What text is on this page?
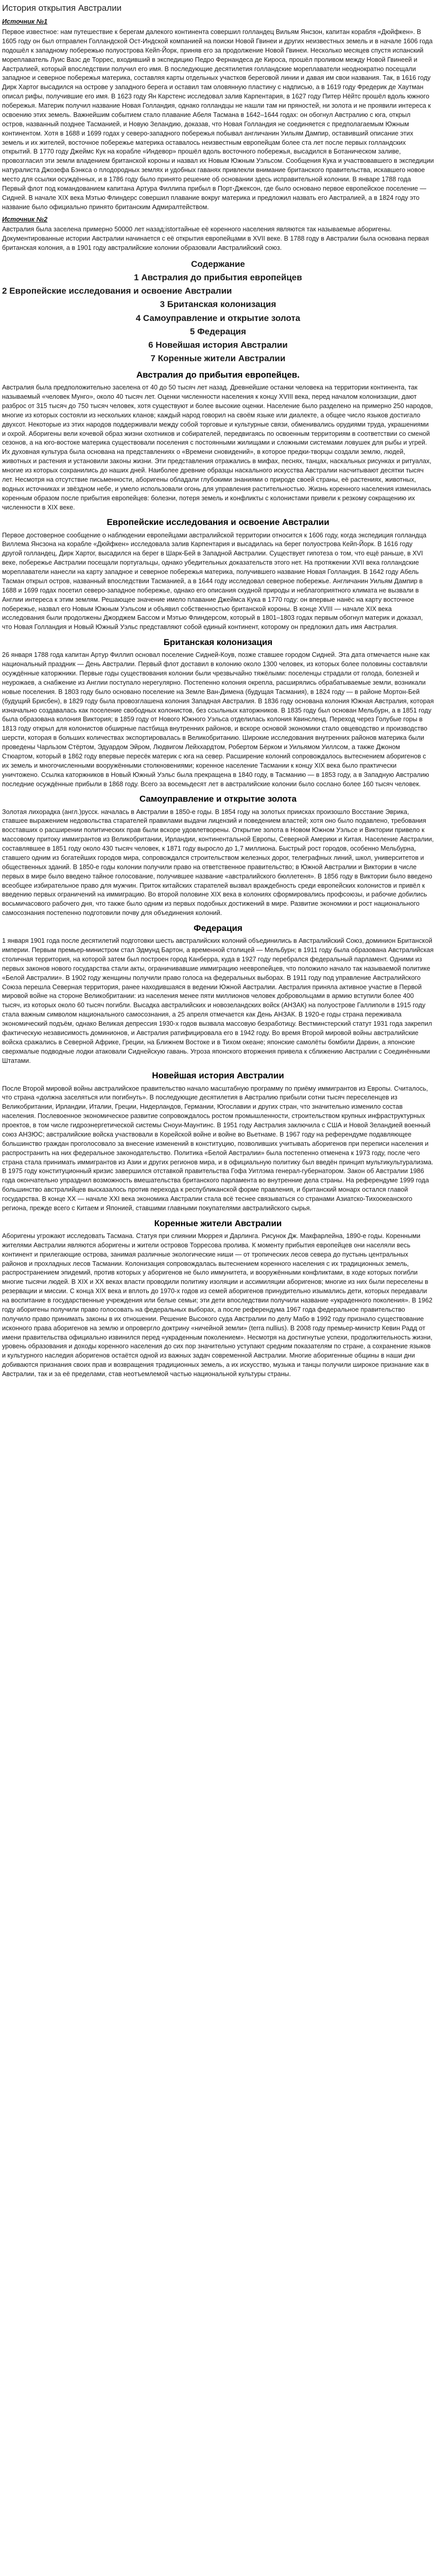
История открытия Австралии
Источник №1

Первое известное: нам путешествие к берегам далекого континента совершил голландец Вильям Янсзон, капитан корабля «Дюйфкен». В 1605 году он был отправлен Голландской Ост-Индской компанией на поиски Новой Гвинеи и других неизвестных земель и в начале 1606 года подошёл к западному побережью полуострова Кейп-Йорк, приняв его за продолжение Новой Гвинеи. Несколько месяцев спустя испанский мореплаватель Луис Ваэс де Торрес, входивший в экспедицию Педро Фернандеса де Кироса, прошёл проливом между Новой Гвинеей и Австралией, который впоследствии получил его имя. В последующие десятилетия голландские мореплаватели неоднократно посещали западное и северное побережья материка, составляя карты отдельных участков береговой линии и давая им свои названия. Так, в 1616 году Дирк Хартог высадился на острове у западного берега и оставил там оловянную пластину с надписью, а в 1619 году Фредерик де Хаутман описал рифы, получившие его имя. В 1623 году Ян Карстенс исследовал залив Карпентария, в 1627 году Питер Нёйтс прошёл вдоль южного побережья. Материк получил название Новая Голландия, однако голландцы не нашли там ни пряностей, ни золота и не проявили интереса к освоению этих земель. Важнейшим событием стало плавание Абеля Тасмана в 1642–1644 годах: он обогнул Австралию с юга, открыл остров, названный позднее Тасманией, и Новую Зеландию, доказав, что Новая Голландия не соединяется с предполагаемым Южным континентом. Хотя в 1688 и 1699 годах у северо-западного побережья побывал англичанин Уильям Дампир, оставивший описание этих земель и их жителей, восточное побережье материка оставалось неизвестным европейцам более ста лет после первых голландских открытий. В 1770 году Джеймс Кук на корабле «Индевор» прошёл вдоль восточного побережья, высадился в Ботаническом заливе, провозгласил эти земли владением британской короны и назвал их Новым Южным Уэльсом. Сообщения Кука и участвовавшего в экспедиции натуралиста Джозефа Бэнкса о плодородных землях и удобных гаванях привлекли внимание британского правительства, искавшего новое место для ссылки осуждённых, и в 1786 году было принято решение об основании здесь исправительной колонии. В январе 1788 года Первый флот под командованием капитана Артура Филлипа прибыл в Порт-Джексон, где было основано первое европейское поселение — Сидней. В начале XIX века Мэтью Флиндерс совершил плавание вокруг материка и предложил назвать его Австралией, а в 1824 году это название было официально принято британским Адмиралтейством.

Источник №2

Австралия была заселена примерно 50000 лет назад;istorтайные её коренного населения являются так называемые аборигены. Документированные истории Австралии начинается с её открытия европейцами в XVII веке. В 1788 году в Австралии была основана первая британская колония, а в 1901 году австралийские колонии образовали Австралийский союз.

Содержание
1 Австралия до прибытия европейцев
2 Европейские исследования и освоение Австралии
3 Британская колонизация
4 Самоуправление и открытие золота
5 Федерация
6 Новейшая история Австралии
7 Коренные жители Австралии
Австралия до прибытия европейцев.

Австралия была предположительно заселена от 40 до 50 тысяч лет назад. Древнейшие останки человека на территории континента, так называемый «человек Мунго», около 40 тысяч лет. Оценки численности населения к концу XVIII века, перед началом колонизации, дают разброс от 315 тысяч до 750 тысяч человек, хотя существуют и более высокие оценки. Население было разделено на примерно 250 народов, многие из которых состояли из нескольких кланов; каждый народ говорил на своём языке или диалекте, а общее число языков достигало двухсот. Некоторые из этих народов поддерживали между собой торговые и культурные связи, обменивались орудиями труда, украшениями и охрой. Аборигены вели кочевой образ жизни охотников и собирателей, передвигаясь по освоенным территориям в соответствии со сменой сезонов, а на юго-востоке материка существовали поселения с постоянными жилищами и сложными системами ловушек для рыбы и угрей. Их духовная культура была основана на представлениях о «Времени сновидений», в которое предки-творцы создали землю, людей, животных и растения и установили законы жизни. Эти представления отражались в мифах, песнях, танцах, наскальных рисунках и ритуалах, многие из которых сохранились до наших дней. Наиболее древние образцы наскального искусства Австралии насчитывают десятки тысяч лет. Несмотря на отсутствие письменности, аборигены обладали глубокими знаниями о природе своей страны, её растениях, животных, водных источниках и звёздном небе, и умело использовали огонь для управления растительностью. Жизнь коренного населения изменилась коренным образом после прибытия европейцев: болезни, потеря земель и конфликты с колонистами привели к резкому сокращению их численности в XIX веке.

Европейские исследования и освоение Австралии

Первое достоверное сообщение о наблюдении европейцами австралийской территории относится к 1606 году, когда экспедиция голландца Виллема Янсзона на корабле «Дюйфкен» исследовала залив Карпентария и высадилась на берег полуострова Кейп-Йорк. В 1616 году другой голландец, Дирк Хартог, высадился на берег в Шарк-Бей в Западной Австралии. Существует гипотеза о том, что ещё раньше, в XVI веке, побережье Австралии посещали португальцы, однако убедительных доказательств этого нет. На протяжении XVII века голландские мореплаватели нанесли на карту западное и северное побережья материка, получившего название Новая Голландия. В 1642 году Абель Тасман открыл остров, названный впоследствии Тасманией, а в 1644 году исследовал северное побережье. Англичанин Уильям Дампир в 1688 и 1699 годах посетил северо-западное побережье, однако его описания скудной природы и неблагоприятного климата не вызвали в Англии интереса к этим землям. Решающее значение имело плавание Джеймса Кука в 1770 году: он впервые нанёс на карту восточное побережье, назвал его Новым Южным Уэльсом и объявил собственностью британской короны. В конце XVIII — начале XIX века исследования были продолжены Джорджем Бассом и Мэтью Флиндерсом, который в 1801–1803 годах первым обогнул материк и доказал, что Новая Голландия и Новый Южный Уэльс представляют собой единый континент, которому он предложил дать имя Австралия.

Британская колонизация

26 января 1788 года капитан Артур Филлип основал поселение Сидней-Коув, позже ставшее городом Сидней. Эта дата отмечается ныне как национальный праздник — День Австралии. Первый флот доставил в колонию около 1300 человек, из которых более половины составляли осуждённые каторжники. Первые годы существования колонии были чрезвычайно тяжёлыми: поселенцы страдали от голода, болезней и неурожаев, а снабжение из Англии поступало нерегулярно. Постепенно колония окрепла, расширялись обрабатываемые земли, возникали новые поселения. В 1803 году было основано поселение на Земле Ван-Димена (будущая Тасмания), в 1824 году — в районе Мортон-Бей (будущий Брисбен), в 1829 году была провозглашена колония Западная Австралия. В 1836 году основана колония Южная Австралия, которая изначально создавалась как поселение свободных колонистов, без ссыльных каторжников. В 1835 году был основан Мельбурн, а в 1851 году была образована колония Виктория; в 1859 году от Нового Южного Уэльса отделилась колония Квинсленд. Переход через Голубые горы в 1813 году открыл для колонистов обширные пастбища внутренних районов, и вскоре основой экономики стало овцеводство и производство шерсти, которая в больших количествах экспортировалась в Великобританию. Широкие исследования внутренних районов материка были проведены Чарльзом Стёртом, Эдуардом Эйром, Людвигом Лейххардтом, Робертом Бёрком и Уильямом Уиллсом, а также Джоном Стюартом, который в 1862 году впервые пересёк материк с юга на север. Расширение колоний сопровождалось вытеснением аборигенов с их земель и многочисленными вооружёнными столкновениями; коренное население Тасмании к концу XIX века было практически уничтожено. Ссылка каторжников в Новый Южный Уэльс была прекращена в 1840 году, в Тасманию — в 1853 году, а в Западную Австралию последние осуждённые прибыли в 1868 году. Всего за восемьдесят лет в австралийские колонии было сослано более 160 тысяч человек.

Самоуправление и открытие золота

Золотая лихорадка (англ.)русск. началась в Австралии в 1850-е годы. В 1854 году на золотых приисках произошло Восстание Эврика, ставшее выражением недовольства старателей правилами выдачи лицензий и поведением властей; хотя оно было подавлено, требования восставших о расширении политических прав были вскоре удовлетворены. Открытие золота в Новом Южном Уэльсе и Виктории привело к массовому притоку иммигрантов из Великобритании, Ирландии, континентальной Европы, Северной Америки и Китая. Население Австралии, составлявшее в 1851 году около 430 тысяч человек, к 1871 году выросло до 1,7 миллиона. Быстрый рост городов, особенно Мельбурна, ставшего одним из богатейших городов мира, сопровождался строительством железных дорог, телеграфных линий, школ, университетов и общественных зданий. В 1850-е годы колонии получили право на ответственное правительство; в Южной Австралии и Виктории в числе первых в мире было введено тайное голосование, получившее название «австралийского бюллетеня». В 1856 году в Виктории было введено всеобщее избирательное право для мужчин. Приток китайских старателей вызвал враждебность среди европейских колонистов и привёл к введению первых ограничений на иммиграцию. Во второй половине XIX века в колониях сформировались профсоюзы, и рабочие добились восьмичасового рабочего дня, что также было одним из первых подобных достижений в мире. Развитие экономики и рост национального самосознания постепенно подготовили почву для объединения колоний.

Федерация

1 января 1901 года после десятилетий подготовки шесть австралийских колоний объединились в Австралийский Союз, доминион Британской империи. Первым премьер-министром стал Эдмунд Бартон, а временной столицей — Мельбурн; в 1911 году была образована Австралийская столичная территория, на которой затем был построен город Канберра, куда в 1927 году перебрался федеральный парламент. Одними из первых законов нового государства стали акты, ограничивавшие иммиграцию неевропейцев, что положило начало так называемой политике «Белой Австралии». В 1902 году женщины получили право голоса на федеральных выборах. В 1911 году под управление Австралийского Союза перешла Северная территория, ранее находившаяся в ведении Южной Австралии. Австралия приняла активное участие в Первой мировой войне на стороне Великобритании: из населения менее пяти миллионов человек добровольцами в армию вступили более 400 тысяч, из которых около 60 тысяч погибли. Высадка австралийских и новозеландских войск (АНЗАК) на полуострове Галлиполи в 1915 году стала важным символом национального самосознания, а 25 апреля отмечается как День АНЗАК. В 1920-е годы страна переживала экономический подъём, однако Великая депрессия 1930-х годов вызвала массовую безработицу. Вестминстерский статут 1931 года закрепил фактическую независимость доминионов, и Австралия ратифицировала его в 1942 году. Во время Второй мировой войны австралийские войска сражались в Северной Африке, Греции, на Ближнем Востоке и в Тихом океане; японские самолёты бомбили Дарвин, а японские сверхмалые подводные лодки атаковали Сиднейскую гавань. Угроза японского вторжения привела к сближению Австралии с Соединёнными Штатами.

Новейшая история Австралии

После Второй мировой войны австралийское правительство начало масштабную программу по приёму иммигрантов из Европы. Считалось, что страна «должна заселяться или погибнуть». В последующие десятилетия в Австралию прибыли сотни тысяч переселенцев из Великобритании, Ирландии, Италии, Греции, Нидерландов, Германии, Югославии и других стран, что значительно изменило состав населения. Послевоенное экономическое развитие сопровождалось ростом промышленности, строительством крупных инфраструктурных проектов, в том числе гидроэнергетической системы Сноуи-Маунтинс. В 1951 году Австралия заключила с США и Новой Зеландией военный союз АНЗЮС; австралийские войска участвовали в Корейской войне и войне во Вьетнаме. В 1967 году на референдуме подавляющее большинство граждан проголосовало за внесение изменений в конституцию, позволивших учитывать аборигенов при переписи населения и распространить на них федеральное законодательство. Политика «Белой Австралии» была постепенно отменена к 1973 году, после чего страна стала принимать иммигрантов из Азии и других регионов мира, и в официальную политику был введён принцип мультикультурализма. В 1975 году конституционный кризис завершился отставкой правительства Гофа Уитлэма генерал-губернатором. Закон об Австралии 1986 года окончательно упразднил возможность вмешательства британского парламента во внутренние дела страны. На референдуме 1999 года большинство австралийцев высказалось против перехода к республиканской форме правления, и британский монарх остался главой государства. В конце XX — начале XXI века экономика Австралии стала всё теснее связываться со странами Азиатско-Тихоокеанского региона, прежде всего с Китаем и Японией, ставшими главными покупателями австралийского сырья.

Коренные жители Австралии

Аборигены угрожают исследовать Тасмана. Статуя при слиянии Мюррея и Дарлинга. Рисунок Дж. Макфарлейна, 1890-е годы. Коренными жителями Австралии являются аборигены и жители островов Торресова пролива. К моменту прибытия европейцев они населяли весь континент и прилегающие острова, занимая различные экологические ниши — от тропических лесов севера до пустынь центральных районов и прохладных лесов Тасмании. Колонизация сопровождалась вытеснением коренного населения с их традиционных земель, распространением эпидемий, против которых у аборигенов не было иммунитета, и вооружёнными конфликтами, в ходе которых погибли многие тысячи людей. В XIX и XX веках власти проводили политику изоляции и ассимиляции аборигенов; многие из них были переселены в резервации и миссии. С конца XIX века и вплоть до 1970-х годов из семей аборигенов принудительно изымались дети, которых передавали на воспитание в государственные учреждения или белые семьи; эти дети впоследствии получили название «украденного поколения». В 1962 году аборигены получили право голосовать на федеральных выборах, а после референдума 1967 года федеральное правительство получило право принимать законы в их отношении. Решение Высокого суда Австралии по делу Мабо в 1992 году признало существование исконного права аборигенов на землю и опровергло доктрину «ничейной земли» (terra nullius). В 2008 году премьер-министр Кевин Радд от имени правительства официально извинился перед «украденным поколением». Несмотря на достигнутые успехи, продолжительность жизни, уровень образования и доходы коренного населения до сих пор значительно уступают средним показателям по стране, а сохранение языков и культурного наследия аборигенов остаётся одной из важных задач современной Австралии. Многие аборигенные общины в наши дни добиваются признания своих прав и возвращения традиционных земель, а их искусство, музыка и танцы получили широкое признание как в Австралии, так и за её пределами, став неотъемлемой частью национальной культуры страны.
